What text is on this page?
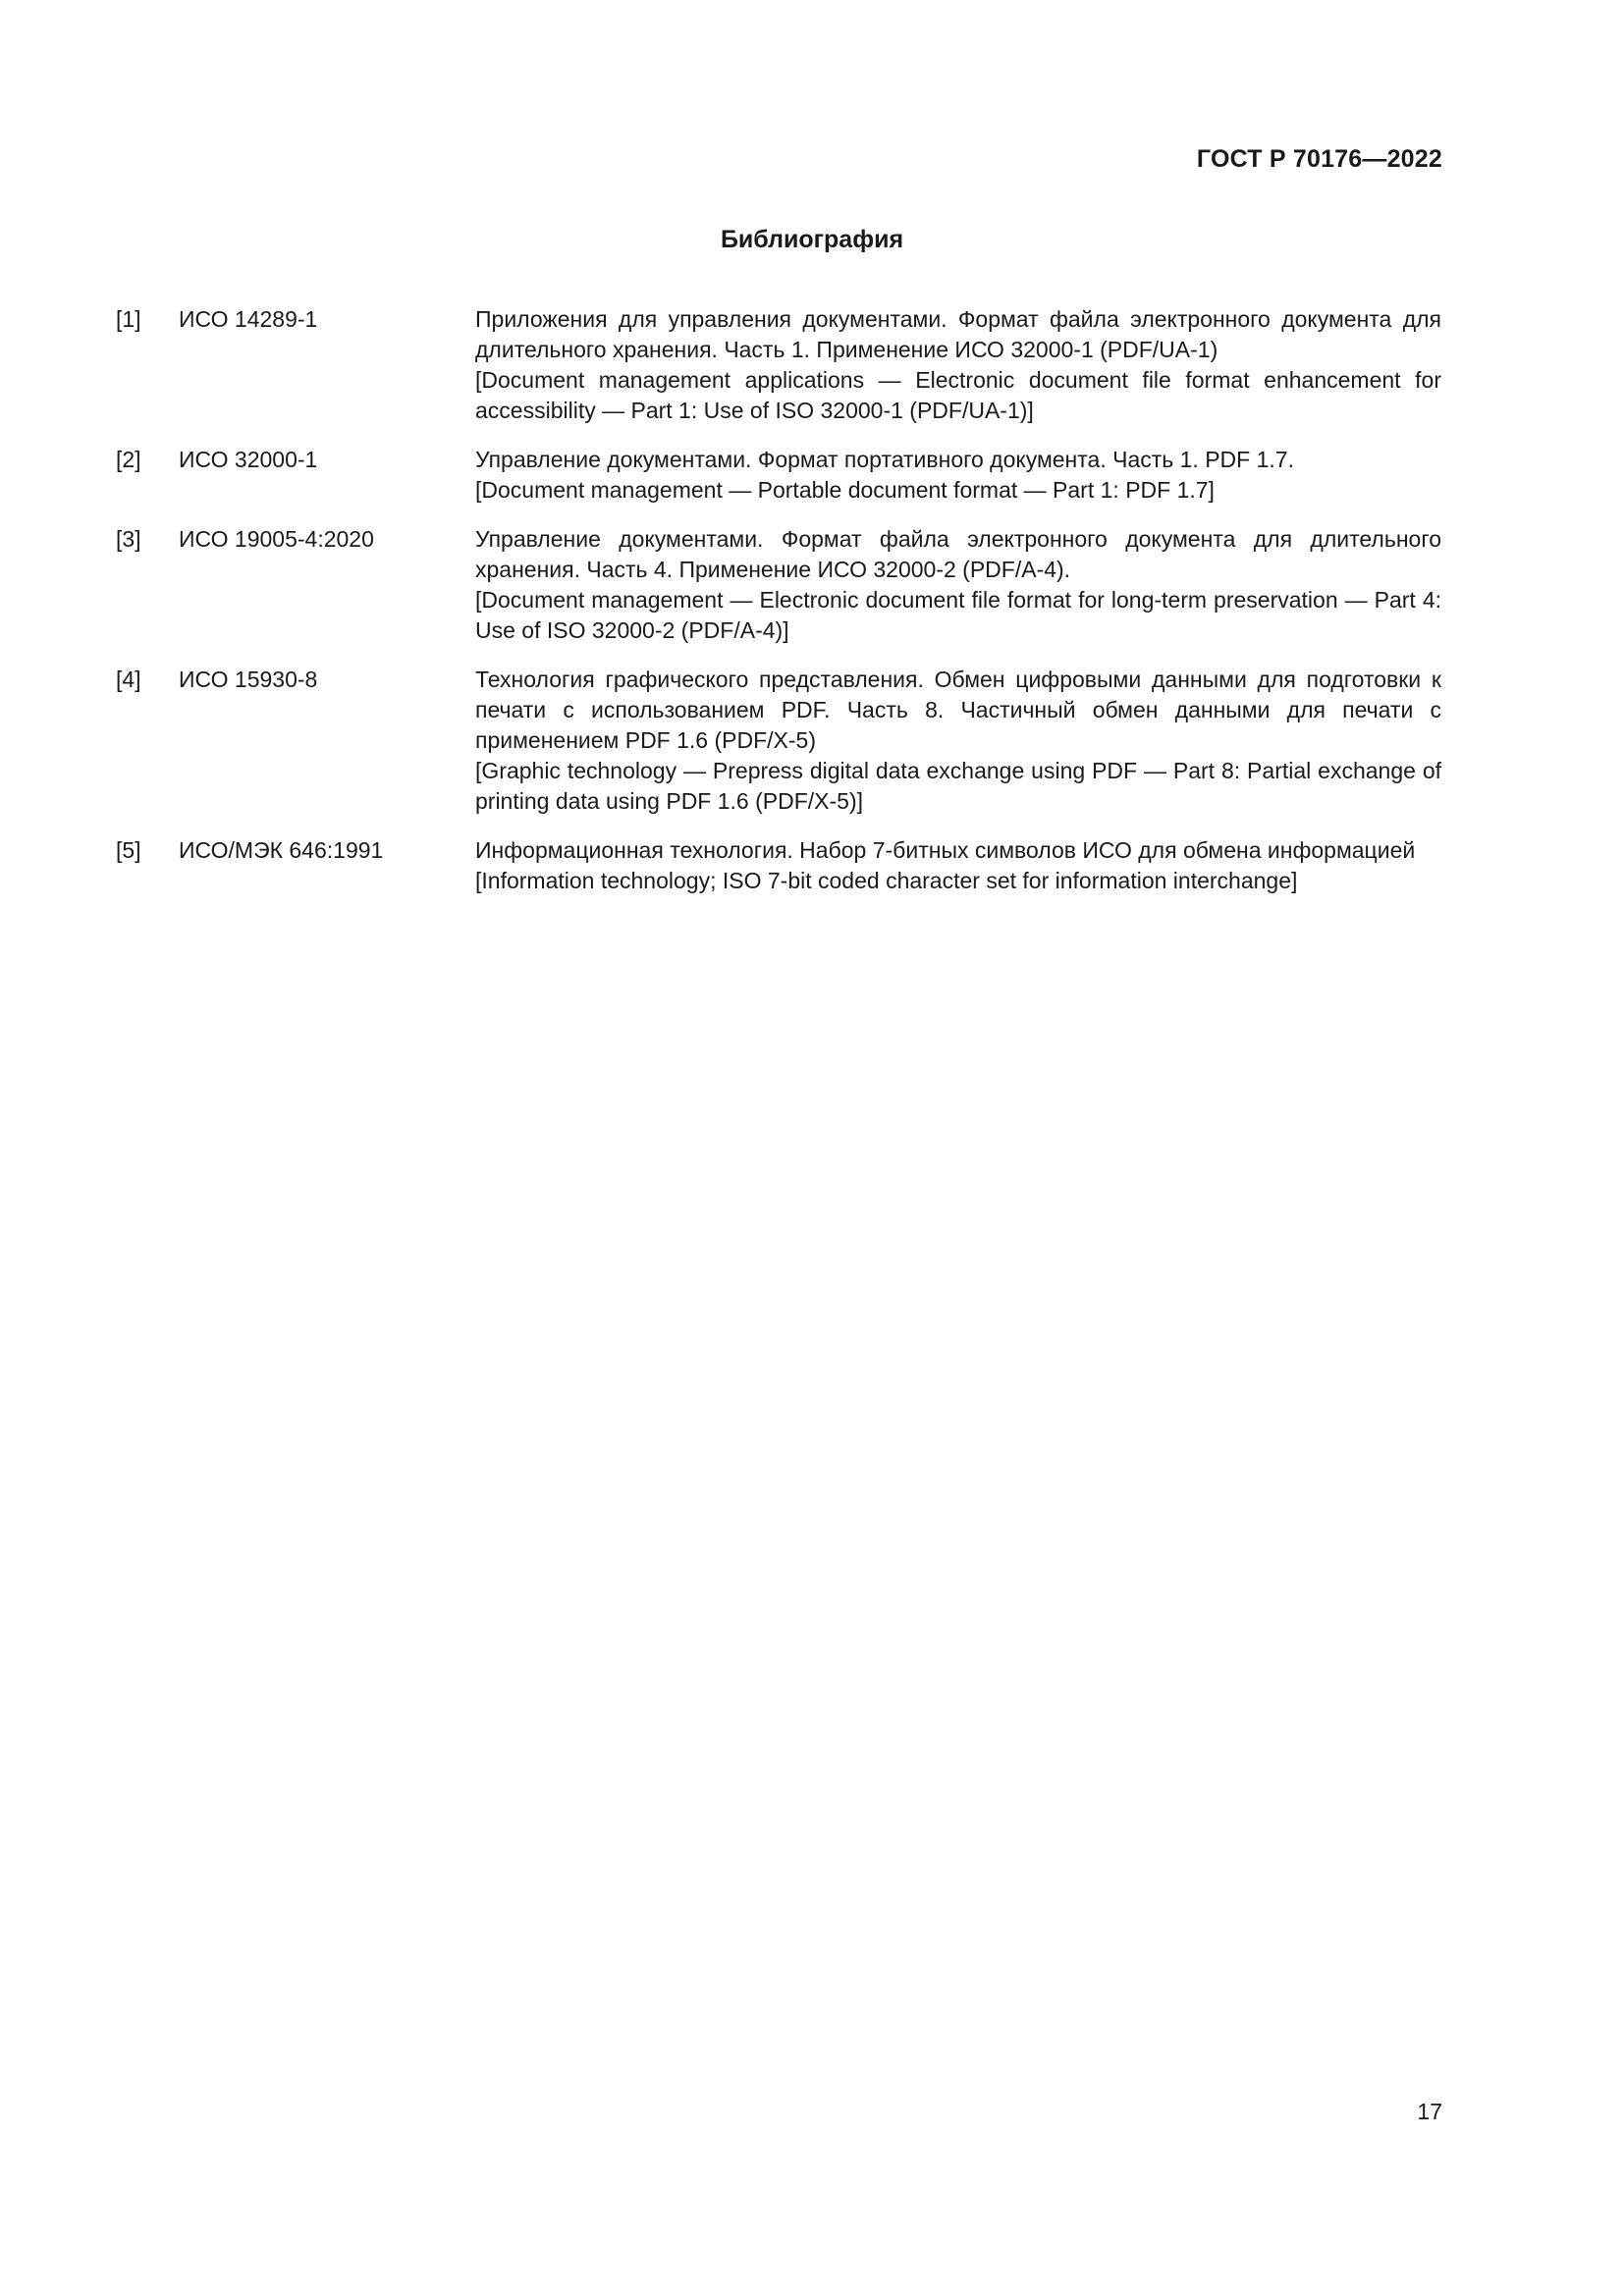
ГОСТ Р 70176—2022
Библиография
[1]	ИСО 14289-1	Приложения для управления документами. Формат файла электронного документа для длительного хранения. Часть 1. Применение ИСО 32000-1 (PDF/UA-1)
[Document management applications — Electronic document file format enhancement for accessibility — Part 1: Use of ISO 32000-1 (PDF/UA-1)]
[2]	ИСО 32000-1	Управление документами. Формат портативного документа. Часть 1. PDF 1.7.
[Document management — Portable document format — Part 1: PDF 1.7]
[3]	ИСО 19005-4:2020	Управление документами. Формат файла электронного документа для длительного хранения. Часть 4. Применение ИСО 32000-2 (PDF/A-4).
[Document management — Electronic document file format for long-term preservation — Part 4: Use of ISO 32000-2 (PDF/A-4)]
[4]	ИСО 15930-8	Технология графического представления. Обмен цифровыми данными для подготовки к печати с использованием PDF. Часть 8. Частичный обмен данными для печати с применением PDF 1.6 (PDF/X-5)
[Graphic technology — Prepress digital data exchange using PDF — Part 8: Partial exchange of printing data using PDF 1.6 (PDF/X-5)]
[5]	ИСО/МЭК 646:1991	Информационная технология. Набор 7-битных символов ИСО для обмена информацией
[Information technology; ISO 7-bit coded character set for information interchange]
17
